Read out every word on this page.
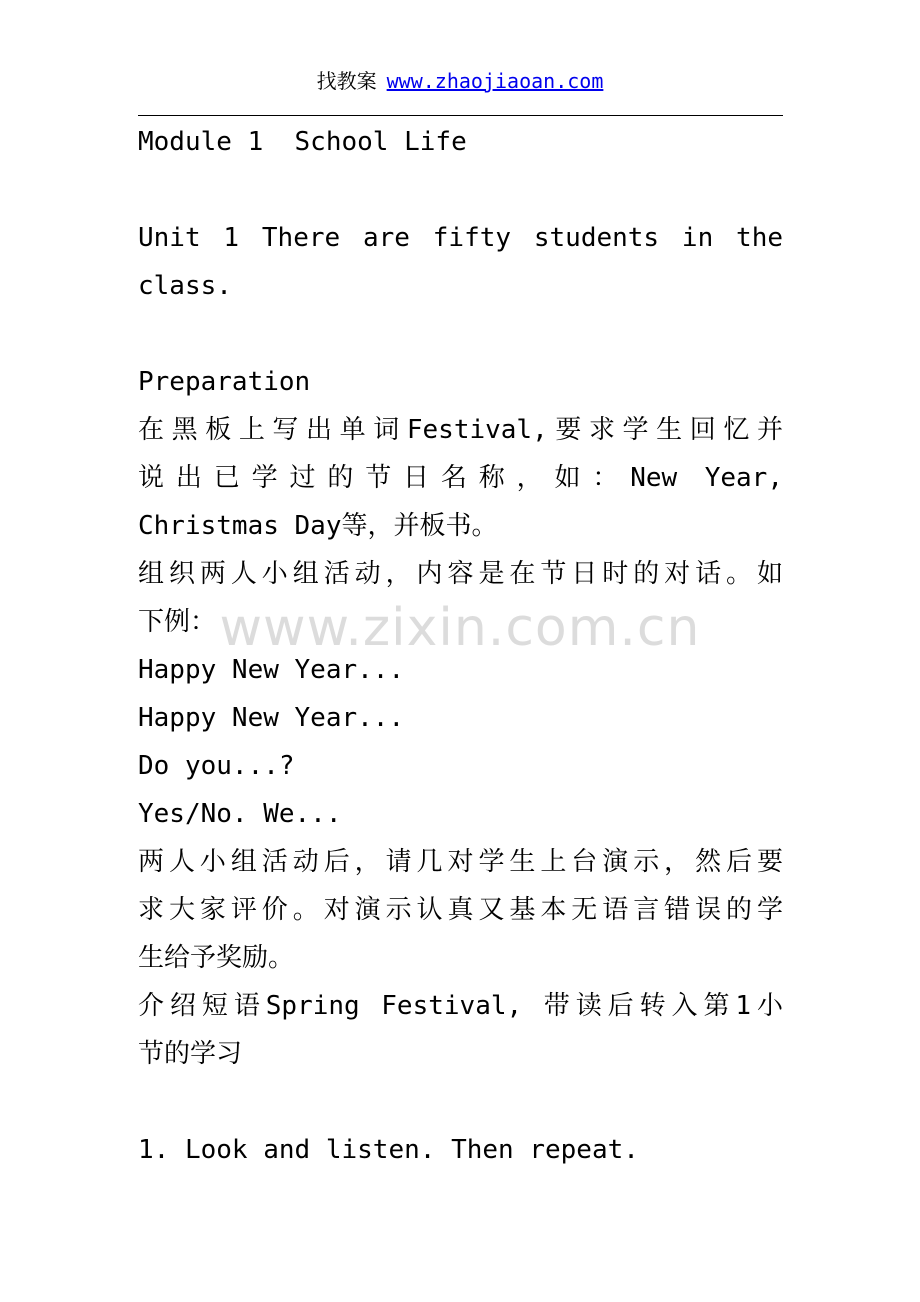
找教案 www.zhaojiaoan.com
www.zixin.com.cn
Module 1  School Life
Unit 1 There are fifty students in the
class.
Preparation
在黑板上写出单词Festival,要求学生回忆并
说出已学过的节日名称，如：New Year,
Christmas Day等，并板书。
组织两人小组活动，内容是在节日时的对话。如
下例：
Happy New Year...
Happy New Year...
Do you...?
Yes/No. We...
两人小组活动后，请几对学生上台演示，然后要
求大家评价。对演示认真又基本无语言错误的学
生给予奖励。
介绍短语Spring Festival, 带读后转入第1小
节的学习
1. Look and listen. Then repeat.
